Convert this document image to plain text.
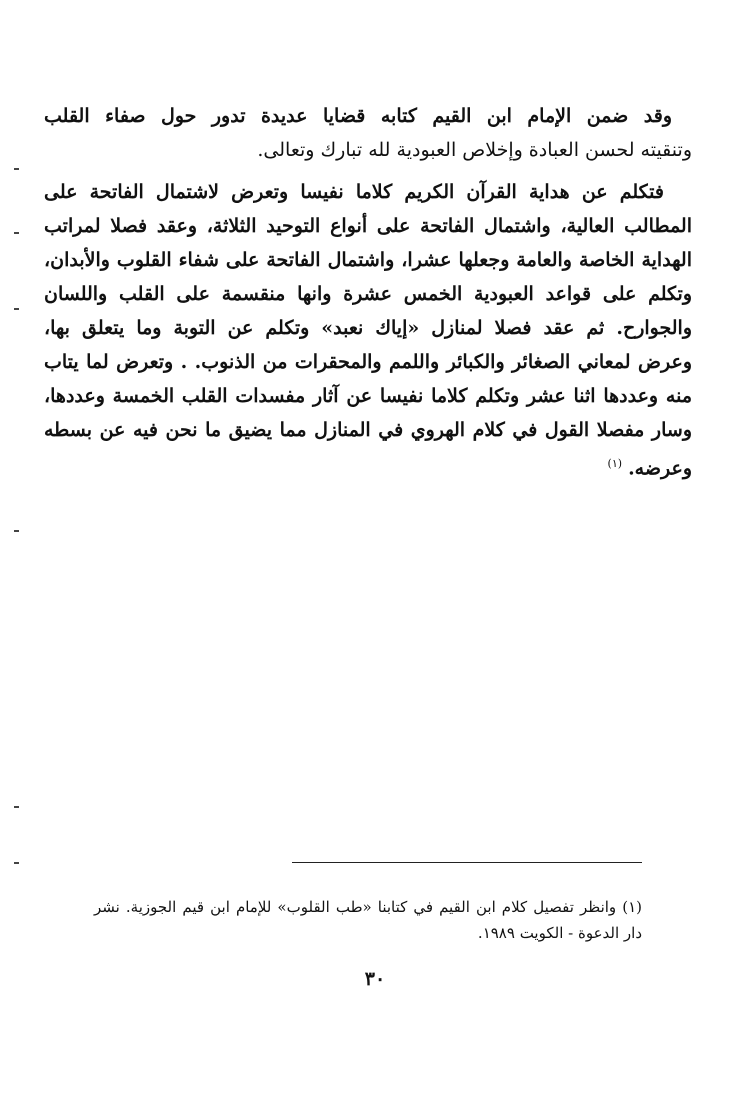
وقد ضمن الإمام ابن القيم كتابه قضايا عديدة تدور حول صفاء القلب
وتنقيته لحسن العبادة وإخلاص العبودية لله تبارك وتعالى.
فتكلم عن هداية القرآن الكريم كلاما نفيسا وتعرض لاشتمال الفاتحة على
المطالب العالية، واشتمال الفاتحة على أنواع التوحيد الثلاثة، وعقد فصلا لمراتب
الهداية الخاصة والعامة وجعلها عشرا، واشتمال الفاتحة على شفاء القلوب والأبدان،
وتكلم على قواعد العبودية الخمس عشرة وانها منقسمة على القلب واللسان
والجوارح. ثم عقد فصلا لمنازل «إياك نعبد» وتكلم عن التوبة وما يتعلق بها،
وعرض لمعاني الصغائر والكبائر واللمم والمحقرات من الذنوب. . وتعرض لما يتاب
منه وعددها اثنا عشر وتكلم كلاما نفيسا عن آثار مفسدات القلب الخمسة وعددها،
وسار مفصلا القول في كلام الهروي في المنازل مما يضيق ما نحن فيه عن بسطه
وعرضه.$^{(١)}$
(١) وانظر تفصيل كلام ابن القيم في كتابنا «طب القلوب» للإمام ابن قيم الجوزية. نشر دار الدعوة - الكويت ١٩٨٩.
٣٠
